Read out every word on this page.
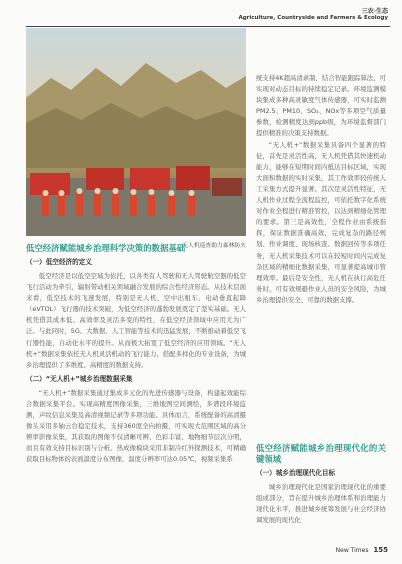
三农·生态
Agriculture, Countryside and Farmers & Ecology
无人机巡查助力森林防火
低空经济赋能城乡治理科学决策的数据基础
（一）低空经济的定义

低空经济是以低空空域为依托，以各类有人驾驶和无人驾驶航空器的低空飞行活动为牵引，辐射带动相关领域融合发展的综合性经济形态。从技术层面来看，低空技术的飞速发展，特别是无人机、空中出租车、电动垂直起降（eVTOL）飞行器的技术突破，为低空经济的蓬勃发展奠定了坚实基础。无人机凭借其成本低、高效率及灵活多变的特性，在低空经济领域中应用尤为广泛。与此同时，5G、大数据、人工智能等技术的迅猛发展，不断推动着低空飞行器性能、自动化水平的提升。从而极大拓宽了低空经济的应用领域。“无人机+”数据采集依托无人机灵活机动的飞行能力，搭配多样化的专业设备，为城乡治理提供了多维度、高精度的数据支持。

（二）“无人机+”城乡治理数据采集

“无人机+”数据采集通过集成多元化的先进传感器与设备，构建起效能综合数据采集平台。实现高精度图像采集，三维地图空间测绘，多谱段环境监测，声纹信息采集及高清视频记录等多项功能。具体而言，系统配备的高清摄像头采用多轴云台稳定技术，支持360度全向拍摄，可实现大范围区域的高分辨率影像采集，其获取的图像不仅清晰可辨、色彩丰富、地物细节层次分明，而且有效支持目标识别与分析。热成像模块采用非制冷红外探测技术，可精确获取目标物体的表面温度分布图像，温度分辨率可达0.05℃，视频采集系

统支持4K超高清录制，结合智能跟踪算法，可实现对动态目标的持续稳定记录。环境监测模块集成多种高灵敏度气体传感器，可实时监测PM2.5、PM10、SO₂、NOx等多项空气质量参数，检测精度达到ppb级，为环境监督部门提供精准的决策支持数据。

“无人机+”数据采集具备四个显著的特征，首先是灵活性高，无人机凭借其快速机动能力，能够在短期时间内抵达目标区域，实现大面积数据的实时采集，其工作效率较传统人工采集方式提升显著。其次是灵活性特征，无人机作业过程全流程监控，可依托数字化系统对作业全程进行精准管控，以达到精细化管理的要求。第三是高效性，全程作业由系统指挥，保证数据准确高效，完成复杂的路径规划、作业调度、现场核查、数据回传等多项任务，无人机采集技术可以在较短时间内完成复杂区域的精细化数据采集，可显著提高城市管理效率。最后是安全性，无人机在执行高危任务时，可有效规避作业人员的安全风险，为城乡治理提供安全、可靠的数据支撑。

低空经济赋能城乡治理现代化的关键领域
（一）城乡治理现代化目标

城乡治理现代化是国家治理现代化的重要组成部分，旨在提升城乡治理体系和治理能力现代化水平，推进城乡统筹发展与社会经济协调发展的现代化

New Times 155
